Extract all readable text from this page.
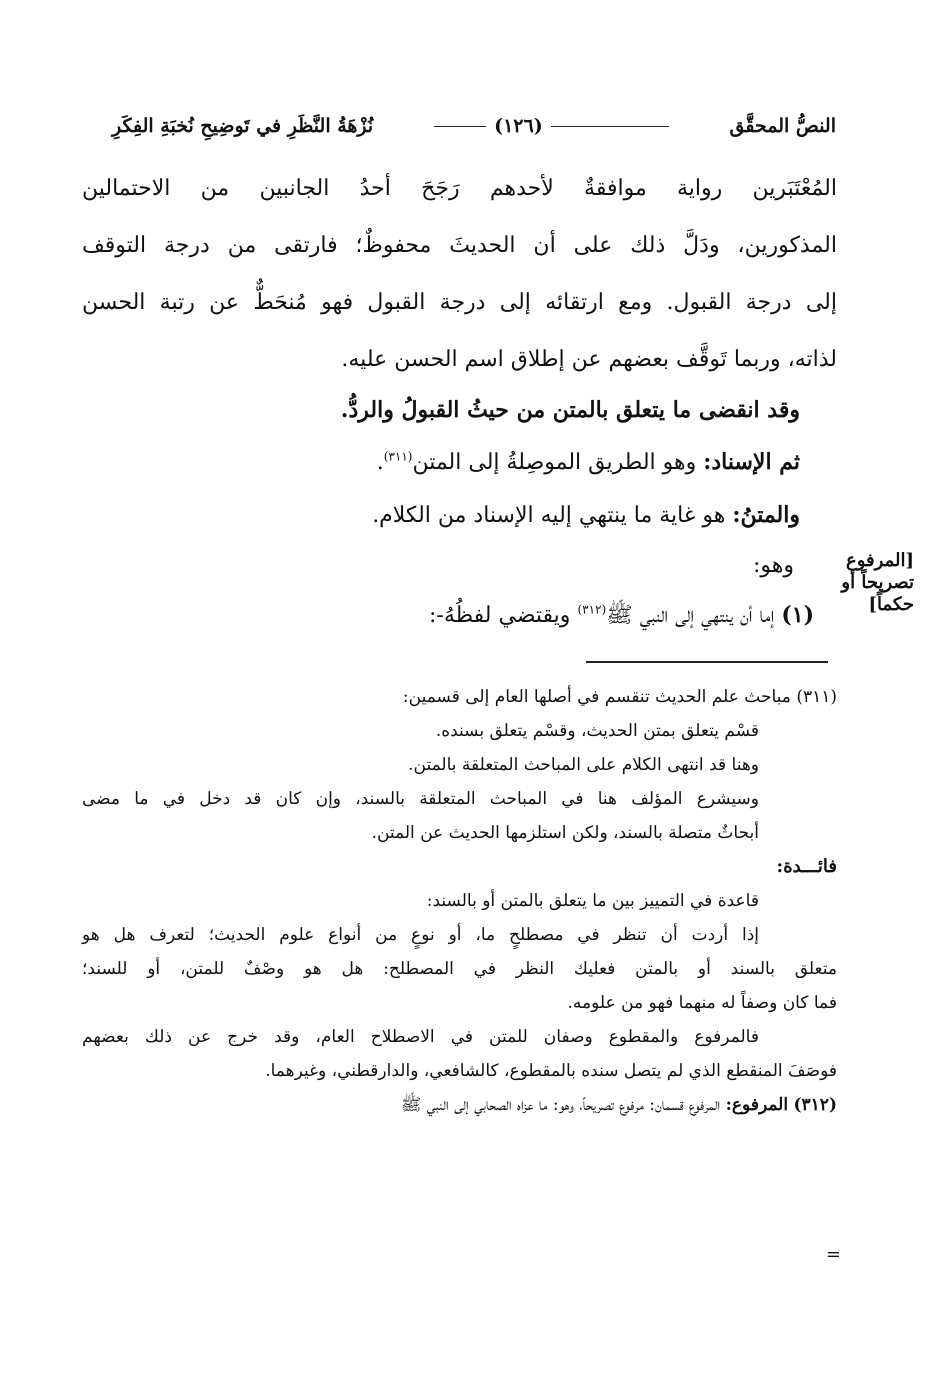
النصُّ المحقَّق
(١٢٦)
نُزْهَةُ النَّظَرِ في تَوضِيحِ نُخبَةِ الفِكَرِ
المُعْتَبَرين رواية موافقةٌ لأحدهم رَجَحَ أحدُ الجانبين من الاحتمالين
المذكورين، ودَلَّ ذلك على أن الحديثَ محفوظٌ؛ فارتقى من درجة التوقف
إلى درجة القبول. ومع ارتقائه إلى درجة القبول فهو مُنحَطٌّ عن رتبة الحسن
لذاته، وربما تَوقَّف بعضهم عن إطلاق اسم الحسن عليه.
وقد انقضى ما يتعلق بالمتن من حيثُ القبولُ والردُّ.
ثم الإسناد: وهو الطريق الموصِلةُ إلى المتن$^{(٣١١)}$.
والمتنُ: هو غاية ما ينتهي إليه الإسناد من الكلام.
وهو:
(١) إما أن ينتهي إلى النبي ﷺ$^{(٣١٢)}$ ويقتضي لفظُهُ-:
[المرفوع
تصريحاً أو
حكماً]
(٣١١) مباحث علم الحديث تنقسم في أصلها العام إلى قسمين:
قسْم يتعلق بمتن الحديث، وقسْم يتعلق بسنده.
وهنا قد انتهى الكلام على المباحث المتعلقة بالمتن.
وسيشرع المؤلف هنا في المباحث المتعلقة بالسند، وإن كان قد دخل في ما مضى
أبحاثٌ متصلة بالسند، ولكن استلزمها الحديث عن المتن.
فائـــدة:
قاعدة في التمييز بين ما يتعلق بالمتن أو بالسند:
إذا أردت أن تنظر في مصطلحٍ ما، أو نوعٍ من أنواع علوم الحديث؛ لتعرف هل هو
متعلق بالسند أو بالمتن فعليك النظر في المصطلح: هل هو وصْفٌ للمتن، أو للسند؛
فما كان وصفاً له منهما فهو من علومه.
فالمرفوع والمقطوع وصفان للمتن في الاصطلاح العام، وقد خرج عن ذلك بعضهم
فوصَفَ المنقطع الذي لم يتصل سنده بالمقطوع، كالشافعي، والدارقطني، وغيرهما.
(٣١٢) المرفوع: المرفوع قسمان: مرفوع تصريحاً، وهو: ما عزاه الصحابي إلى النبي ﷺ
=
